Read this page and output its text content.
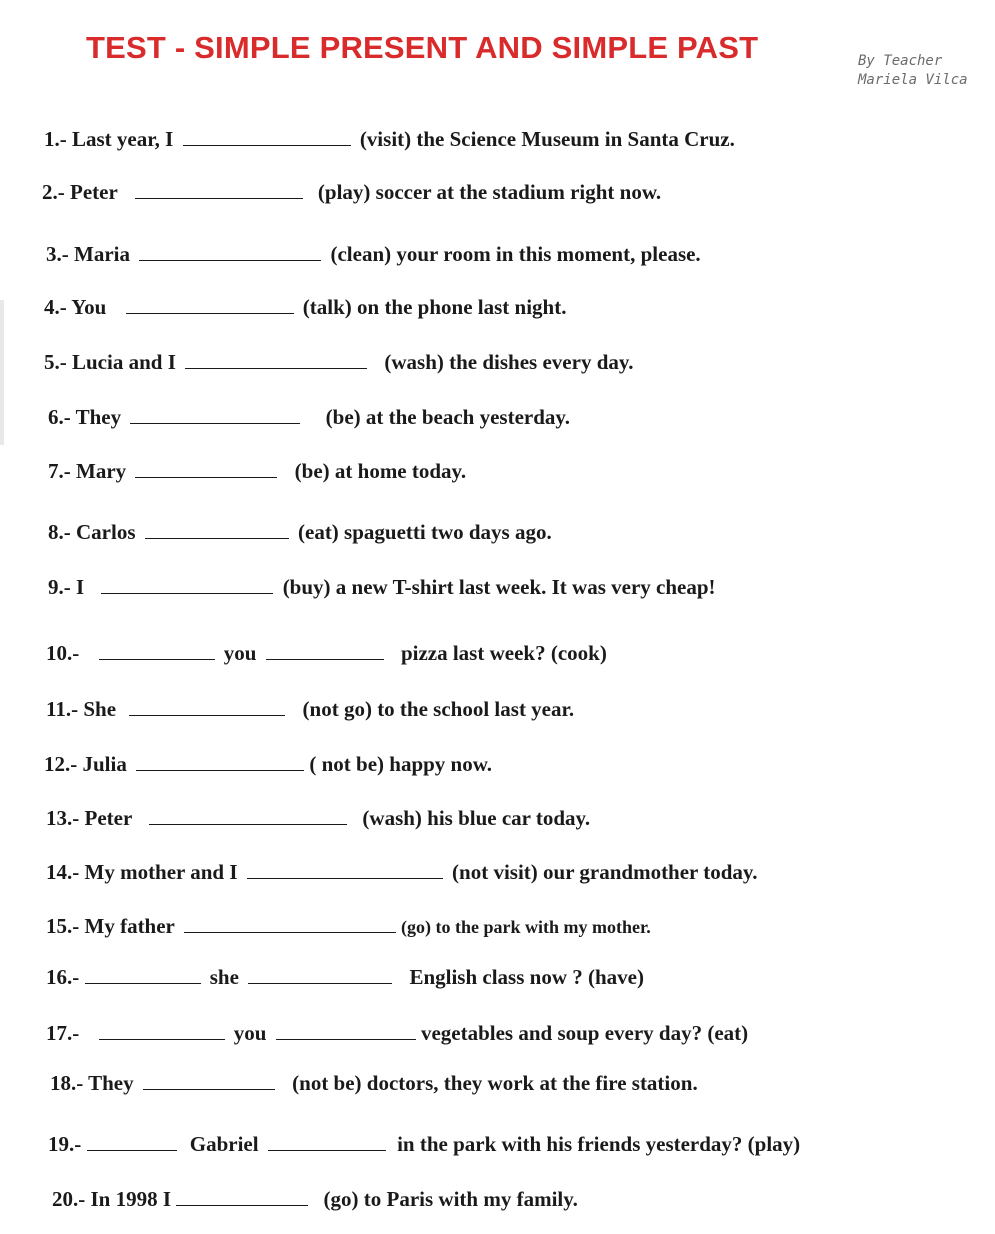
TEST - SIMPLE PRESENT AND SIMPLE PAST	By Teacher
Mariela Vilca
1.- Last year, I	(visit) the Science Museum in Santa Cruz.
2.- Peter	(play) soccer at the stadium right now.
3.- Maria	(clean) your room in this moment, please.
4.- You	(talk) on the phone last night.
5.- Lucia and I	(wash) the dishes every day.
6.- They	(be) at the beach yesterday.
7.- Mary	(be) at home today.
8.- Carlos	(eat) spaguetti two days ago.
9.- I	(buy) a new T-shirt last week. It was very cheap!
10.-	you	pizza last week? (cook)
11.- She	(not go) to the school last year.
12.- Julia	( not be) happy now.
13.- Peter	(wash) his blue car today.
14.- My mother and I	(not visit) our grandmother today.
15.- My father	(go) to the park with my mother.
16.-	she	English class now ? (have)
17.-	you	vegetables and soup every day? (eat)
18.- They	(not be) doctors, they work at the fire station.
19.-	Gabriel	in the park with his friends yesterday? (play)
20.- In 1998 I	(go) to Paris with my family.
